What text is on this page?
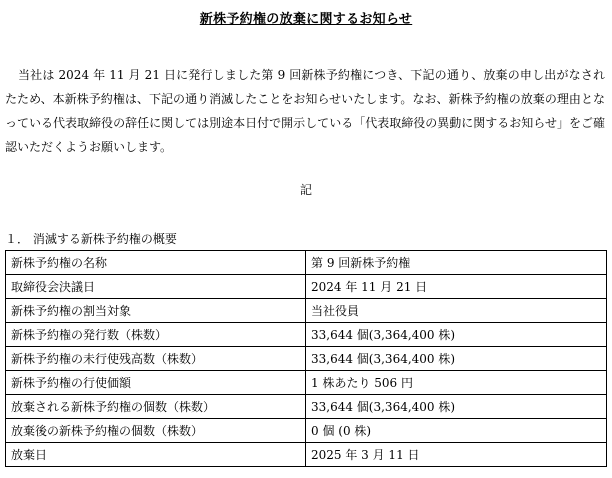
新株予約権の放棄に関するお知らせ

当社は 2024 年 11 月 21 日に発行しました第 9 回新株予約権につき、下記の通り、放棄の申し出がなされたため、本新株予約権は、下記の通り消滅したことをお知らせいたします。なお、新株予約権の放棄の理由となっている代表取締役の辞任に関しては別途本日付で開示している「代表取締役の異動に関するお知らせ」をご確認いただくようお願いします。

記
１． 消滅する新株予約権の概要
新株予約権の名称	第 9 回新株予約権
取締役会決議日	2024 年 11 月 21 日
新株予約権の割当対象	当社役員
新株予約権の発行数（株数）	33,644 個(3,364,400 株)
新株予約権の未行使残高数（株数）	33,644 個(3,364,400 株)
新株予約権の行使価額	1 株あたり 506 円
放棄される新株予約権の個数（株数）	33,644 個(3,364,400 株)
放棄後の新株予約権の個数（株数）	0 個 (0 株)
放棄日	2025 年 3 月 11 日
